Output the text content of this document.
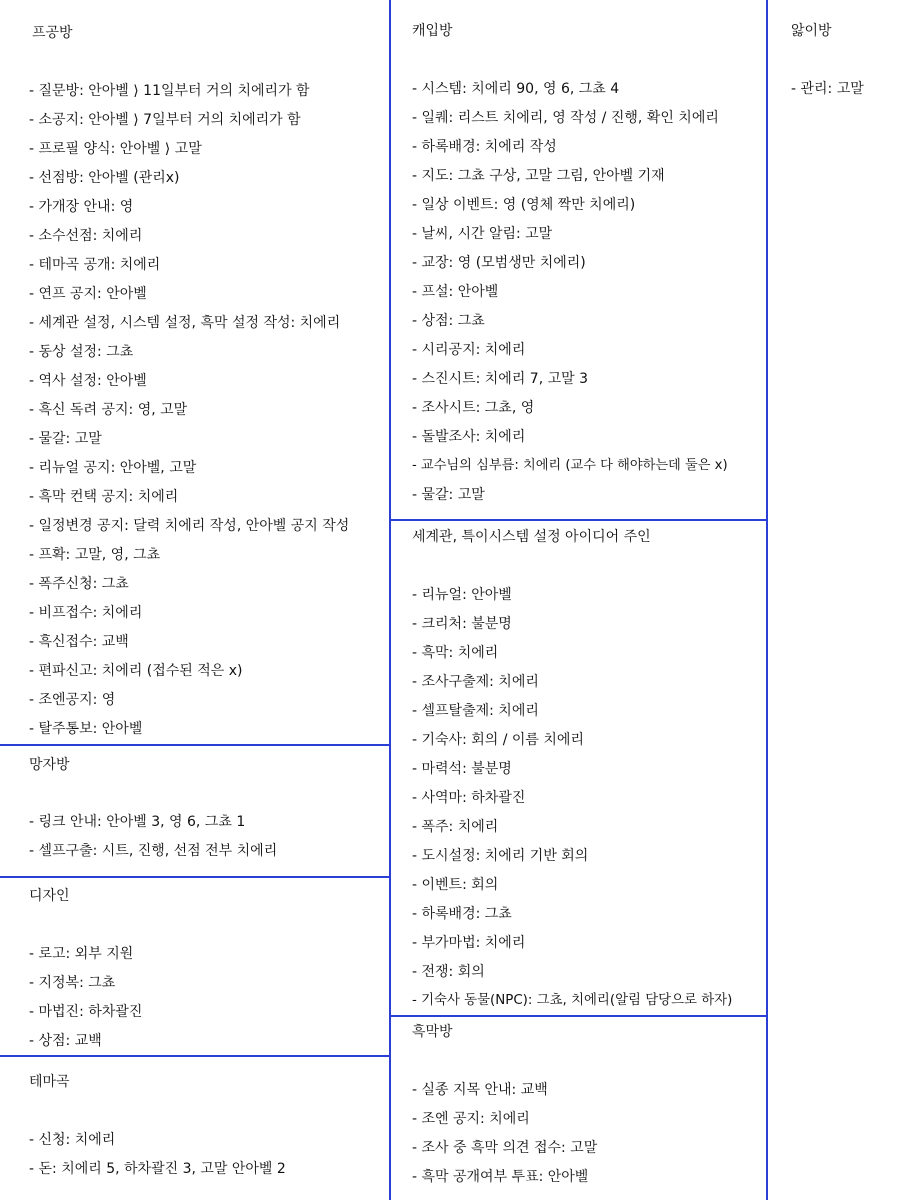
프공방
- 질문방: 안아벨 ⟩ 11일부터 거의 치에리가 함
- 소공지: 안아벨 ⟩ 7일부터 거의 치에리가 함
- 프로필 양식: 안아벨 ⟩ 고말
- 선점방: 안아벨 (관리x)
- 가개장 안내: 영
- 소수선점: 치에리
- 테마곡 공개: 치에리
- 연프 공지: 안아벨
- 세계관 설정, 시스템 설정, 흑막 설정 작성: 치에리
- 동상 설정: 그쵸
- 역사 설정: 안아벨
- 흑신 독려 공지: 영, 고말
- 물갈: 고말
- 리뉴얼 공지: 안아벨, 고말
- 흑막 컨택 공지: 치에리
- 일정변경 공지: 달력 치에리 작성, 안아벨 공지 작성
- 프확: 고말, 영, 그쵸
- 폭주신청: 그쵸
- 비프접수: 치에리
- 흑신접수: 교백
- 편파신고: 치에리 (접수된 적은 x)
- 조엔공지: 영
- 탈주통보: 안아벨
망자방
- 링크 안내: 안아벨 3, 영 6, 그쵸 1
- 셀프구출: 시트, 진행, 선점 전부 치에리
디자인
- 로고: 외부 지원
- 지정복: 그쵸
- 마법진: 하차괄진
- 상점: 교백
테마곡
- 신청: 치에리
- 돈: 치에리 5, 하차괄진 3, 고말 안아벨 2
캐입방
- 시스템: 치에리 90, 영 6, 그쵸 4
- 일퀘: 리스트 치에리, 영 작성 / 진행, 확인 치에리
- 하록배경: 치에리 작성
- 지도: 그쵸 구상, 고말 그림, 안아벨 기재
- 일상 이벤트: 영 (영체 짝만 치에리)
- 날씨, 시간 알림: 고말
- 교장: 영 (모범생만 치에리)
- 프설: 안아벨
- 상점: 그쵸
- 시리공지: 치에리
- 스진시트: 치에리 7, 고말 3
- 조사시트: 그쵸, 영
- 돌발조사: 치에리
- 교수님의 심부름: 치에리 (교수 다 해야하는데 둘은 x)
- 물갈: 고말
세계관, 특이시스템 설정 아이디어 주인
- 리뉴얼: 안아벨
- 크리처: 불분명
- 흑막: 치에리
- 조사구출제: 치에리
- 셀프탈출제: 치에리
- 기숙사: 회의 / 이름 치에리
- 마력석: 불분명
- 사역마: 하차괄진
- 폭주: 치에리
- 도시설정: 치에리 기반 회의
- 이벤트: 회의
- 하록배경: 그쵸
- 부가마법: 치에리
- 전쟁: 회의
- 기숙사 동물(NPC): 그쵸, 치에리(알림 담당으로 하자)
흑막방
- 실종 지목 안내: 교백
- 조엔 공지: 치에리
- 조사 중 흑막 의견 접수: 고말
- 흑막 공개여부 투표: 안아벨
앓이방
- 관리: 고말
